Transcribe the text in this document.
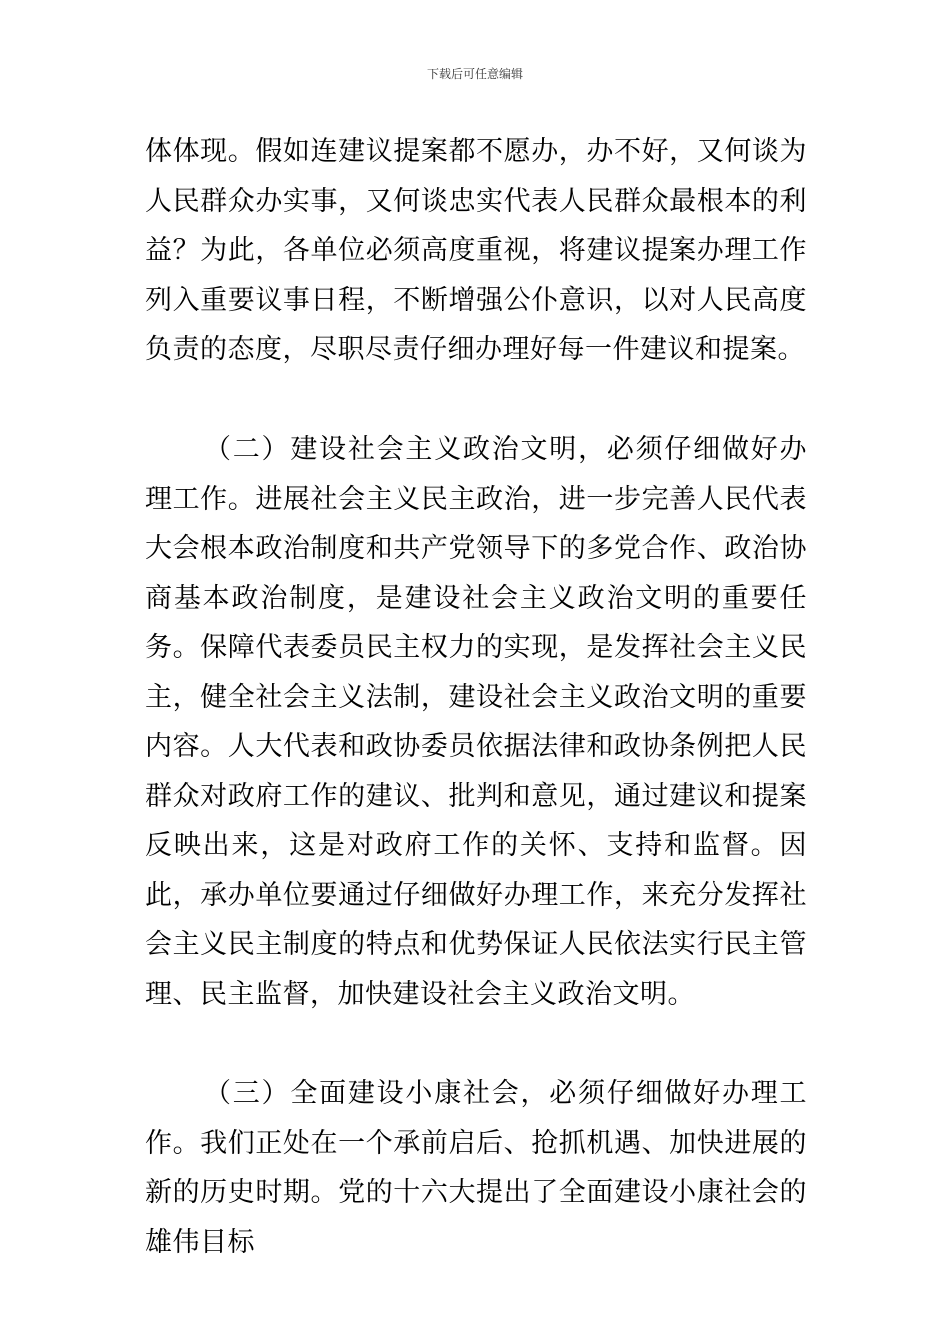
下载后可任意编辑

体体现。假如连建议提案都不愿办，办不好，又何谈为人民群众办实事，又何谈忠实代表人民群众最根本的利益？为此，各单位必须高度重视，将建议提案办理工作列入重要议事日程，不断增强公仆意识，以对人民高度负责的态度，尽职尽责仔细办理好每一件建议和提案。

（二）建设社会主义政治文明，必须仔细做好办理工作。进展社会主义民主政治，进一步完善人民代表大会根本政治制度和共产党领导下的多党合作、政治协商基本政治制度，是建设社会主义政治文明的重要任务。保障代表委员民主权力的实现，是发挥社会主义民主，健全社会主义法制，建设社会主义政治文明的重要内容。人大代表和政协委员依据法律和政协条例把人民群众对政府工作的建议、批判和意见，通过建议和提案反映出来，这是对政府工作的关怀、支持和监督。因此，承办单位要通过仔细做好办理工作，来充分发挥社会主义民主制度的特点和优势保证人民依法实行民主管理、民主监督，加快建设社会主义政治文明。

（三）全面建设小康社会，必须仔细做好办理工作。我们正处在一个承前启后、抢抓机遇、加快进展的新的历史时期。党的十六大提出了全面建设小康社会的雄伟目标
